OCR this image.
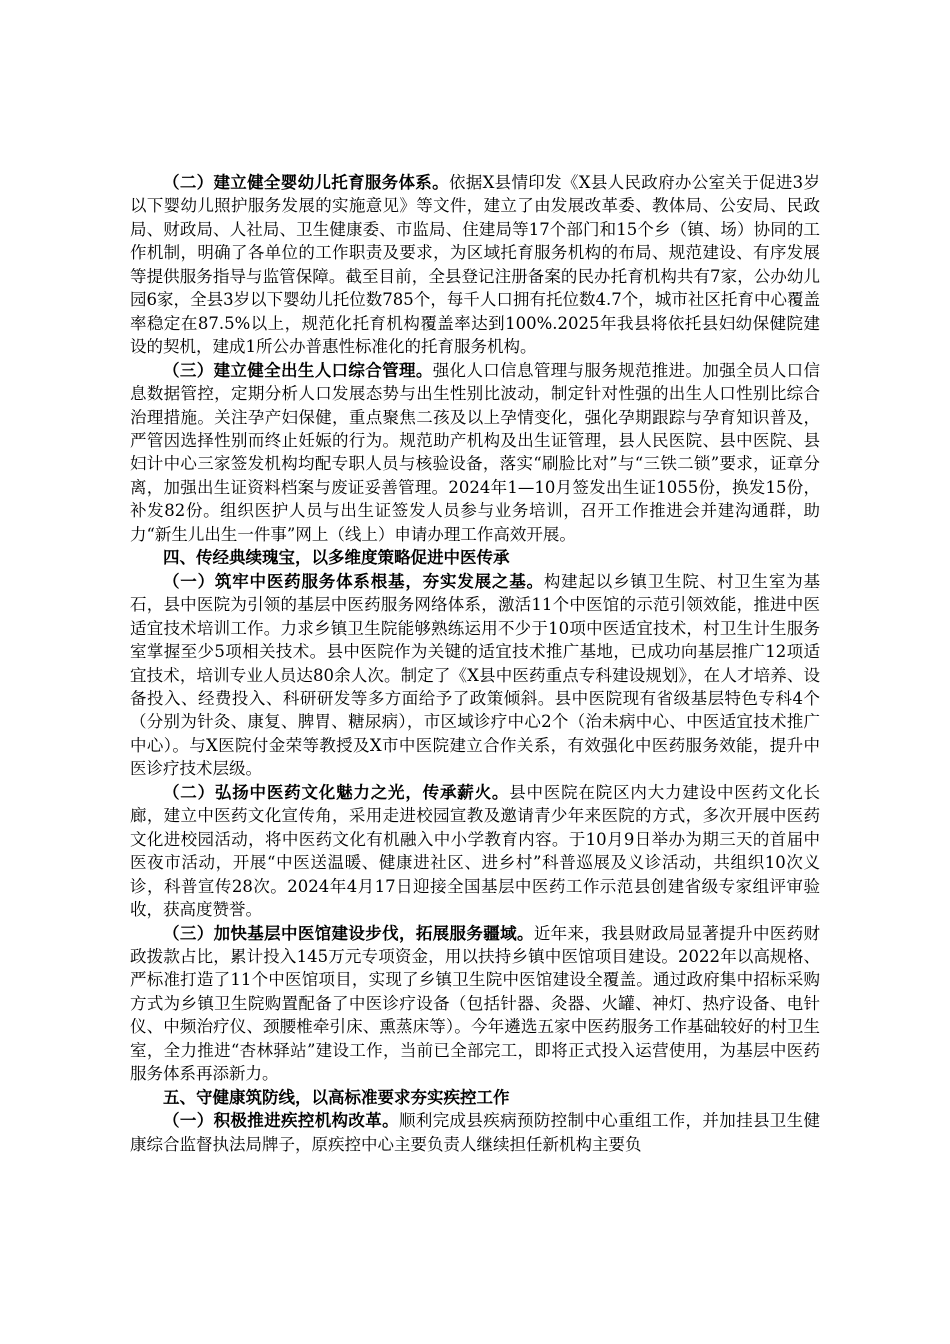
（二）建立健全婴幼儿托育服务体系。依据X县情印发《X县人民政府办公室关于促进3岁以下婴幼儿照护服务发展的实施意见》等文件，建立了由发展改革委、教体局、公安局、民政局、财政局、人社局、卫生健康委、市监局、住建局等17个部门和15个乡（镇、场）协同的工作机制，明确了各单位的工作职责及要求，为区域托育服务机构的布局、规范建设、有序发展等提供服务指导与监管保障。截至目前，全县登记注册备案的民办托育机构共有7家，公办幼儿园6家，全县3岁以下婴幼儿托位数785个，每千人口拥有托位数4.7个，城市社区托育中心覆盖率稳定在87.5%以上，规范化托育机构覆盖率达到100%.2025年我县将依托县妇幼保健院建设的契机，建成1所公办普惠性标准化的托育服务机构。

（三）建立健全出生人口综合管理。强化人口信息管理与服务规范推进。加强全员人口信息数据管控，定期分析人口发展态势与出生性别比波动，制定针对性强的出生人口性别比综合治理措施。关注孕产妇保健，重点聚焦二孩及以上孕情变化，强化孕期跟踪与孕育知识普及，严管因选择性别而终止妊娠的行为。规范助产机构及出生证管理，县人民医院、县中医院、县妇计中心三家签发机构均配专职人员与核验设备，落实“刷脸比对”与“三铁二锁”要求，证章分离，加强出生证资料档案与废证妥善管理。2024年1—10月签发出生证1055份，换发15份，补发82份。组织医护人员与出生证签发人员参与业务培训，召开工作推进会并建沟通群，助力“新生儿出生一件事”网上（线上）申请办理工作高效开展。

四、传经典续瑰宝，以多维度策略促进中医传承

（一）筑牢中医药服务体系根基，夯实发展之基。构建起以乡镇卫生院、村卫生室为基石，县中医院为引领的基层中医药服务网络体系，激活11个中医馆的示范引领效能，推进中医适宜技术培训工作。力求乡镇卫生院能够熟练运用不少于10项中医适宜技术，村卫生计生服务室掌握至少5项相关技术。县中医院作为关键的适宜技术推广基地，已成功向基层推广12项适宜技术，培训专业人员达80余人次。制定了《X县中医药重点专科建设规划》，在人才培养、设备投入、经费投入、科研研发等多方面给予了政策倾斜。县中医院现有省级基层特色专科4个（分别为针灸、康复、脾胃、糖尿病），市区域诊疗中心2个（治未病中心、中医适宜技术推广中心）。与X医院付金荣等教授及X市中医院建立合作关系，有效强化中医药服务效能，提升中医诊疗技术层级。

（二）弘扬中医药文化魅力之光，传承薪火。县中医院在院区内大力建设中医药文化长廊，建立中医药文化宣传角，采用走进校园宣教及邀请青少年来医院的方式，多次开展中医药文化进校园活动，将中医药文化有机融入中小学教育内容。于10月9日举办为期三天的首届中医夜市活动，开展“中医送温暖、健康进社区、进乡村”科普巡展及义诊活动，共组织10次义诊，科普宣传28次。2024年4月17日迎接全国基层中医药工作示范县创建省级专家组评审验收，获高度赞誉。

（三）加快基层中医馆建设步伐，拓展服务疆域。近年来，我县财政局显著提升中医药财政拨款占比，累计投入145万元专项资金，用以扶持乡镇中医馆项目建设。2022年以高规格、严标准打造了11个中医馆项目，实现了乡镇卫生院中医馆建设全覆盖。通过政府集中招标采购方式为乡镇卫生院购置配备了中医诊疗设备（包括针器、灸器、火罐、神灯、热疗设备、电针仪、中频治疗仪、颈腰椎牵引床、熏蒸床等）。今年遴选五家中医药服务工作基础较好的村卫生室，全力推进“杏林驿站”建设工作，当前已全部完工，即将正式投入运营使用，为基层中医药服务体系再添新力。

五、守健康筑防线，以高标准要求夯实疾控工作

（一）积极推进疾控机构改革。顺利完成县疾病预防控制中心重组工作，并加挂县卫生健康综合监督执法局牌子，原疾控中心主要负责人继续担任新机构主要负
